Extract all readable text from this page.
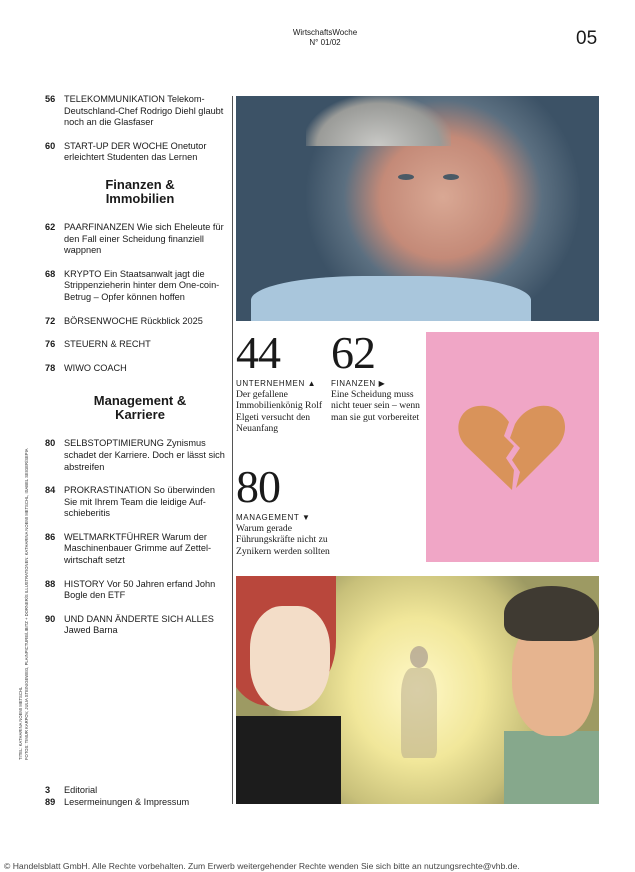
WirtschaftsWoche
N° 01/02	05
56 TELEKOMMUNIKATION Telekom-Deutschland-Chef Rodrigo Diehl glaubt noch an die Glasfaser
60 START-UP DER WOCHE Onetutor erleichtert Studenten das Lernen
Finanzen & Immobilien
62 PAARFINANZEN Wie sich Eheleute für den Fall einer Scheidung finanziell wappnen
68 KRYPTO Ein Staatsanwalt jagt die Strippenzieherin hinter dem One-coin-Betrug – Opfer können hoffen
72 BÖRSENWOCHE Rückblick 2025
76 STEUERN & RECHT
78 WIWO COACH
Management & Karriere
80 SELBSTOPTIMIERUNG Zynismus schadet der Karriere. Doch er lässt sich abstreifen
84 PROKRASTINATION So überwinden Sie mit Ihrem Team die leidige Auf-schieberitis
86 WELTMARKTFÜHRER Warum der Maschinenbauer Grimme auf Zettel-wirtschaft setzt
88 HISTORY Vor 50 Jahren erfand John Bogle den ETF
90 UND DANN ÄNDERTE SICH ALLES Jawed Barna
TITEL: KATHARINA NOEMI METSCHL FOTOS: TIMUR KARPOV, JULIA STEINIGEWEG, PLAINPICTURE/LIBITZ + DORNER/S ILLUSTRATIONEN: KATHARINA NOEMI METSCHL, ISABEL SEIGER/SEPIA
3	Editorial
89 Lesermeinungen & Impressum
44
UNTERNEHMEN ▲
Der gefallene Immobilienkönig Rolf Elgeti versucht den Neuanfang
62
FINANZEN ▶
Eine Scheidung muss nicht teuer sein – wenn man sie gut vorbereitet
80
MANAGEMENT ▼
Warum gerade Führungskräfte nicht zu Zynikern werden sollten
© Handelsblatt GmbH. Alle Rechte vorbehalten. Zum Erwerb weitergehender Rechte wenden Sie sich bitte an nutzungsrechte@vhb.de.
